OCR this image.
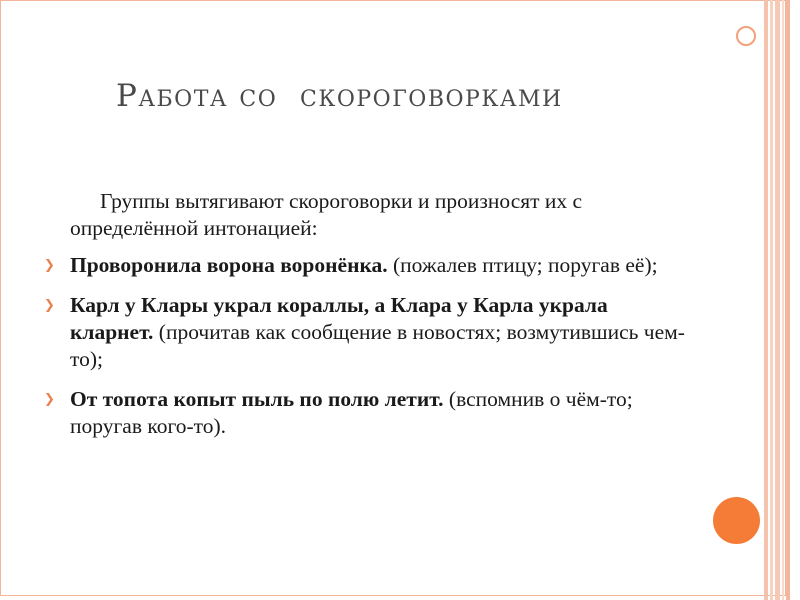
Работа со  скороговорками

Группы вытягивают скороговорки и произносят их с
определённой интонацией:

❯ Проворонила ворона воронёнка. (пожалев птицу; поругав её);

❯ Карл у Клары украл кораллы, а Клара у Карла украла кларнет. (прочитав как сообщение в новостях; возмутившись чем-то);

❯ От топота копыт пыль по полю летит. (вспомнив о чём-то; поругав кого-то).
